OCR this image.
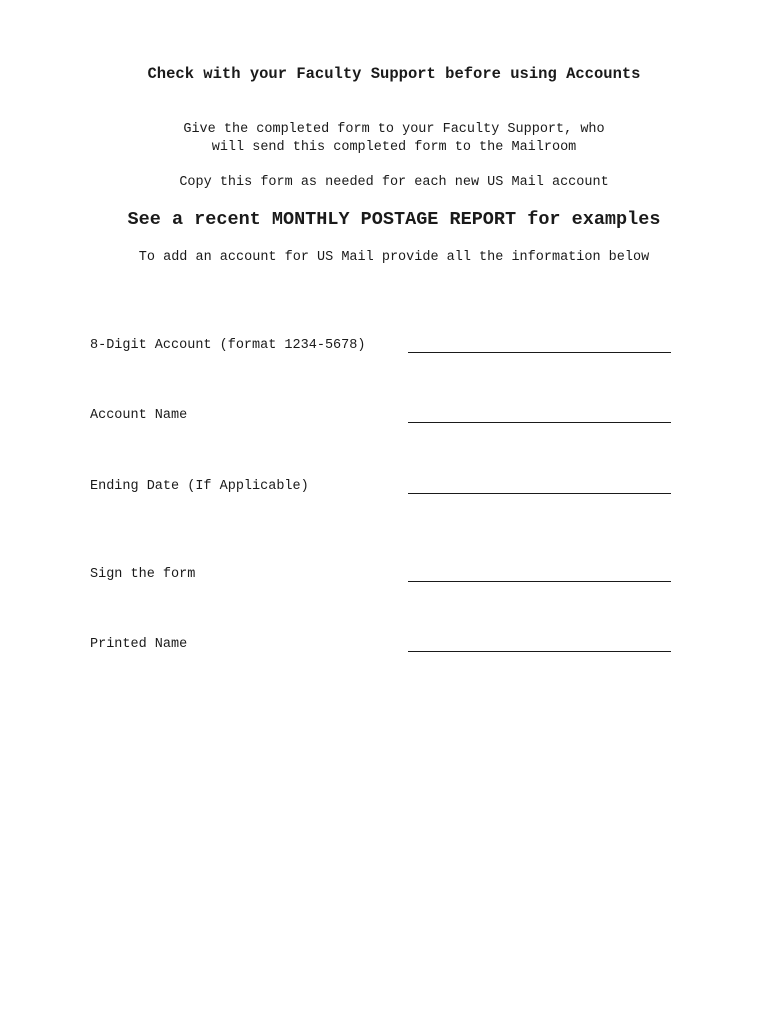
Check with your Faculty Support before using Accounts
Give the completed form to your Faculty Support, who
will send this completed form to the Mailroom
Copy this form as needed for each new US Mail account
See a recent MONTHLY POSTAGE REPORT for examples
To add an account for US Mail provide all the information below
8-Digit Account (format 1234-5678)
Account Name
Ending Date (If Applicable)
Sign the form
Printed Name
